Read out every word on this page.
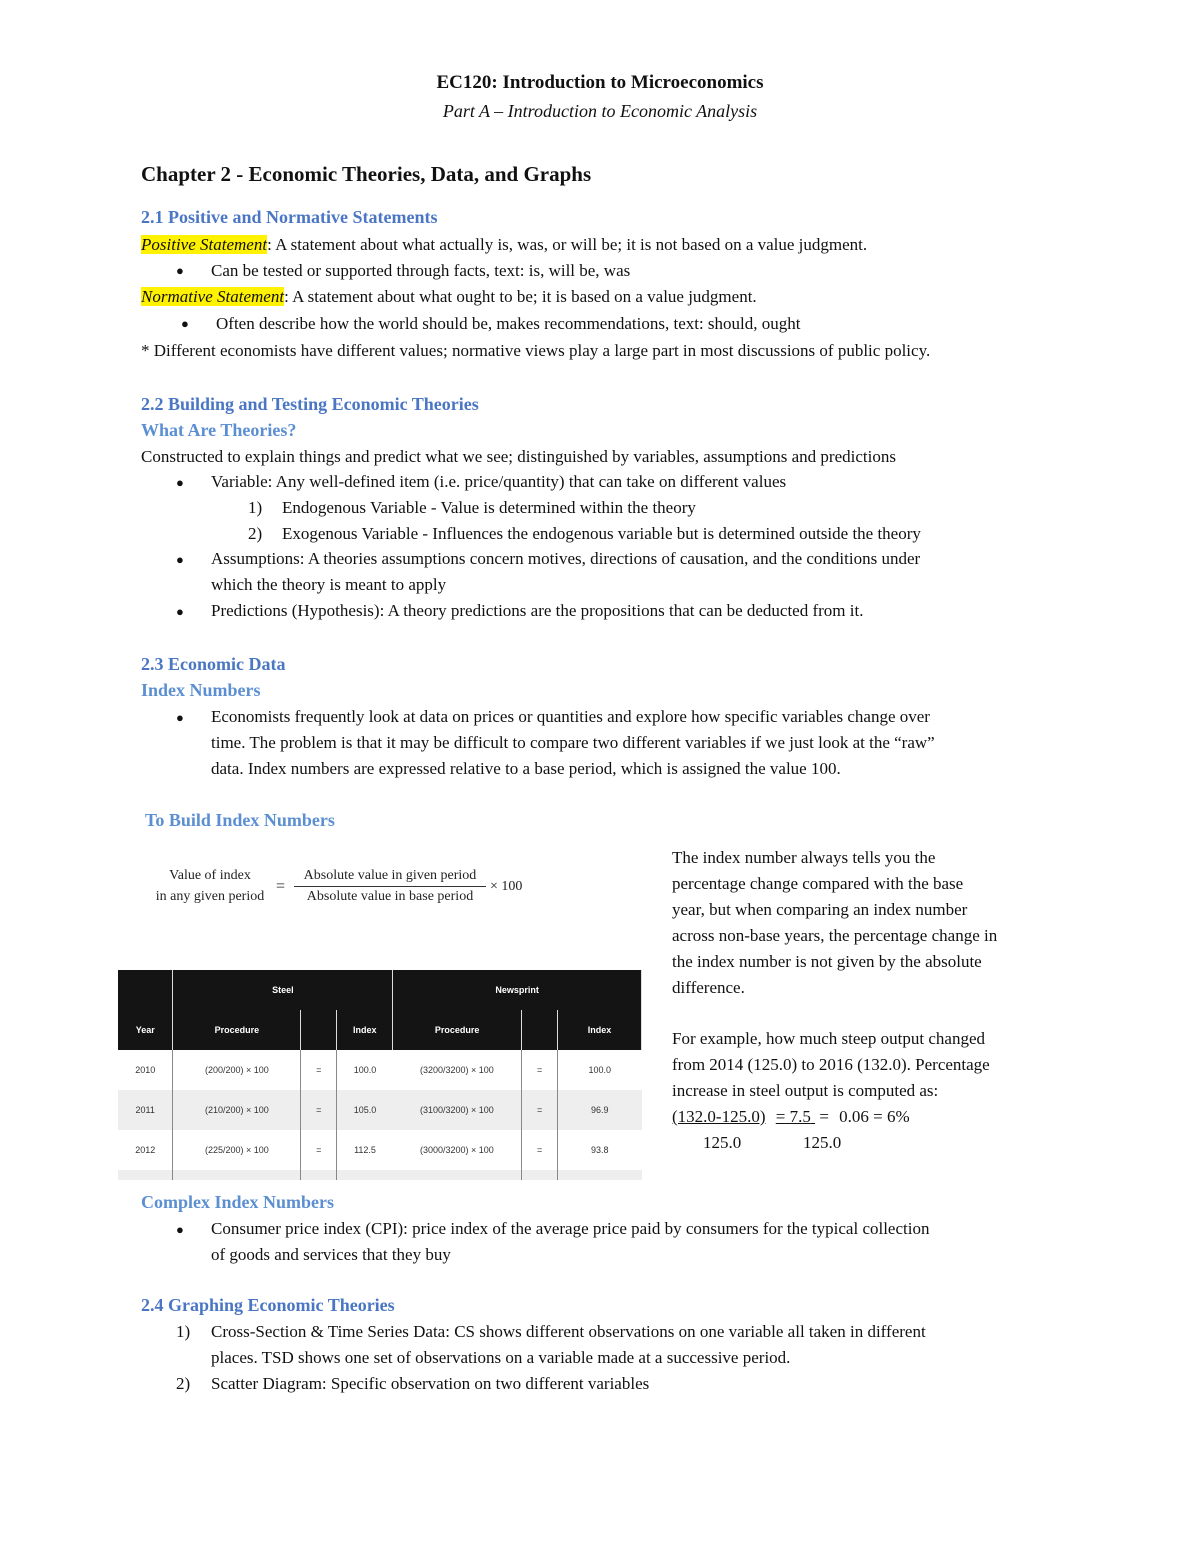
EC120: Introduction to Microeconomics
Part A – Introduction to Economic Analysis
Chapter 2 - Economic Theories, Data, and Graphs
2.1 Positive and Normative Statements
Positive Statement: A statement about what actually is, was, or will be; it is not based on a value judgment.
● Can be tested or supported through facts, text: is, will be, was
Normative Statement: A statement about what ought to be; it is based on a value judgment.
● Often describe how the world should be, makes recommendations, text: should, ought
* Different economists have different values; normative views play a large part in most discussions of public policy.
2.2 Building and Testing Economic Theories
What Are Theories?
Constructed to explain things and predict what we see; distinguished by variables, assumptions and predictions
● Variable: Any well-defined item (i.e. price/quantity) that can take on different values
1) Endogenous Variable - Value is determined within the theory
2) Exogenous Variable - Influences the endogenous variable but is determined outside the theory
● Assumptions: A theories assumptions concern motives, directions of causation, and the conditions under
which the theory is meant to apply
● Predictions (Hypothesis): A theory predictions are the propositions that can be deducted from it.
2.3 Economic Data
Index Numbers
● Economists frequently look at data on prices or quantities and explore how specific variables change over
time. The problem is that it may be difficult to compare two different variables if we just look at the “raw”
data. Index numbers are expressed relative to a base period, which is assigned the value 100.
To Build Index Numbers
Value of index
in any given period
=
Absolute value in given period
Absolute value in base period
× 100
The index number always tells you the
percentage change compared with the base
year, but when comparing an index number
across non-base years, the percentage change in
the index number is not given by the absolute
difference.
For example, how much steep output changed
from 2014 (125.0) to 2016 (132.0). Percentage
increase in steel output is computed as:
(132.0-125.0) = 7.5 = 0.06 = 6%
125.0	125.0
	Steel			Newsprint		
Year	Procedure		Index	Procedure		Index
2010	(200/200) × 100	=	100.0	(3200/3200) × 100	=	100.0
2011	(210/200) × 100	=	105.0	(3100/3200) × 100	=	96.9
2012	(225/200) × 100	=	112.5	(3000/3200) × 100	=	93.8

Complex Index Numbers
● Consumer price index (CPI): price index of the average price paid by consumers for the typical collection
of goods and services that they buy
2.4 Graphing Economic Theories
1) Cross-Section & Time Series Data: CS shows different observations on one variable all taken in different
places. TSD shows one set of observations on a variable made at a successive period.
2) Scatter Diagram: Specific observation on two different variables
